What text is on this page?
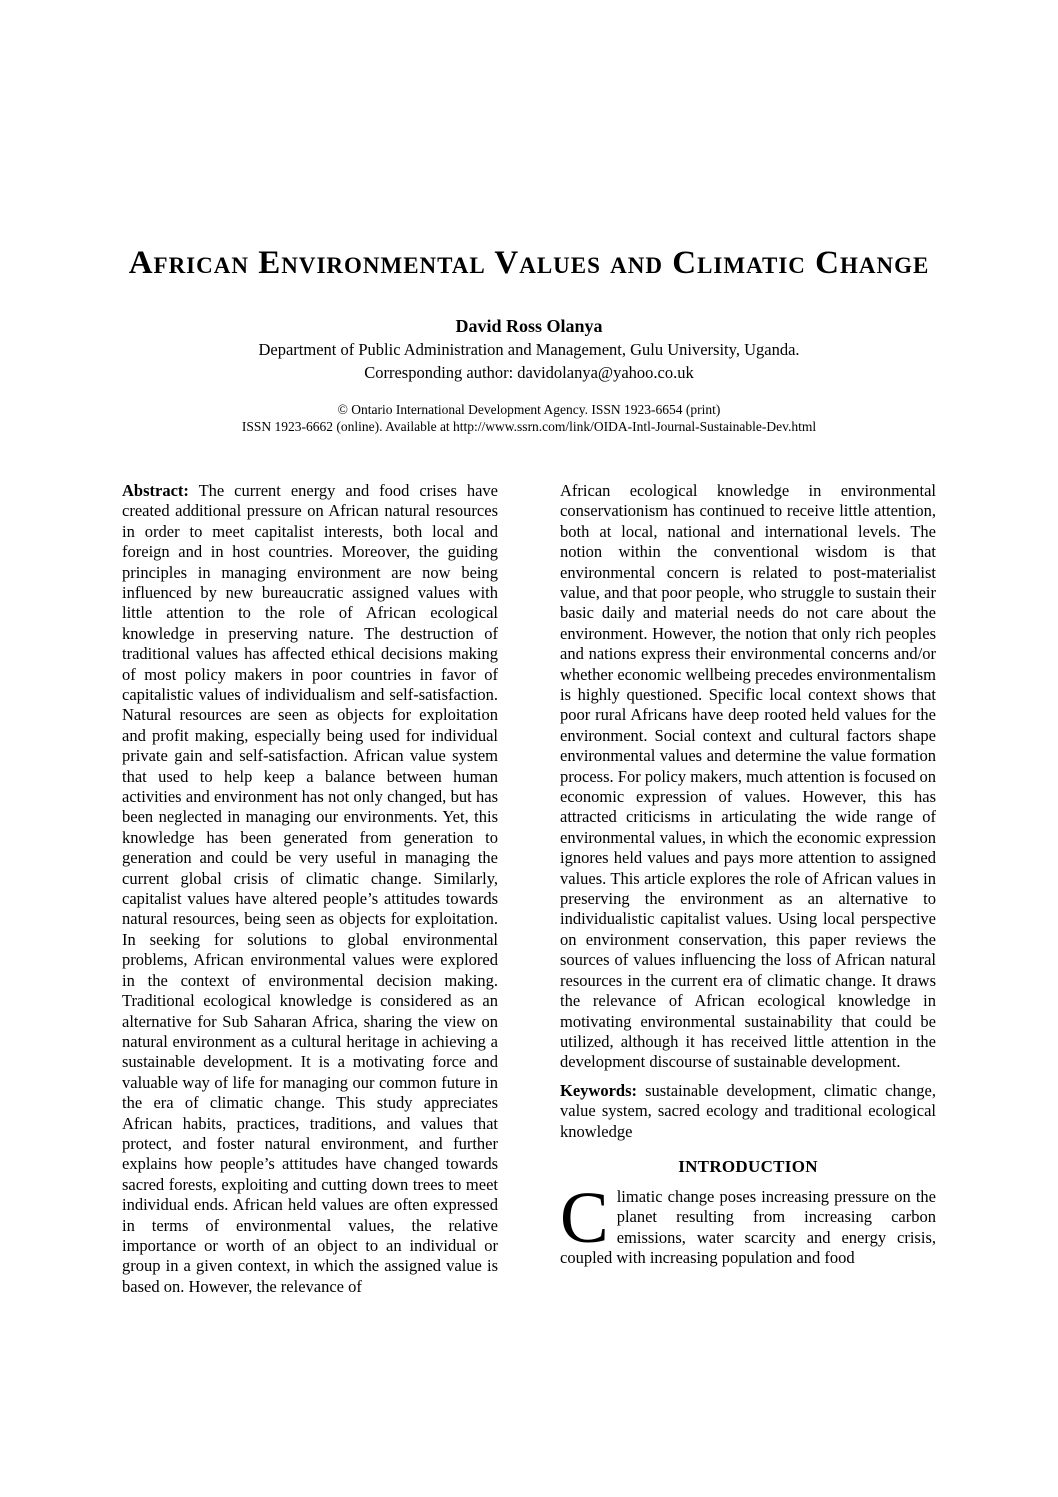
African Environmental Values and Climatic Change
David Ross Olanya
Department of Public Administration and Management, Gulu University, Uganda.
Corresponding author: davidolanya@yahoo.co.uk
© Ontario International Development Agency. ISSN 1923-6654 (print)
ISSN 1923-6662 (online). Available at http://www.ssrn.com/link/OIDA-Intl-Journal-Sustainable-Dev.html

Abstract: The current energy and food crises have created additional pressure on African natural resources in order to meet capitalist interests, both local and foreign and in host countries. Moreover, the guiding principles in managing environment are now being influenced by new bureaucratic assigned values with little attention to the role of African ecological knowledge in preserving nature. The destruction of traditional values has affected ethical decisions making of most policy makers in poor countries in favor of capitalistic values of individualism and self-satisfaction. Natural resources are seen as objects for exploitation and profit making, especially being used for individual private gain and self-satisfaction. African value system that used to help keep a balance between human activities and environment has not only changed, but has been neglected in managing our environments. Yet, this knowledge has been generated from generation to generation and could be very useful in managing the current global crisis of climatic change. Similarly, capitalist values have altered people’s attitudes towards natural resources, being seen as objects for exploitation. In seeking for solutions to global environmental problems, African environmental values were explored in the context of environmental decision making. Traditional ecological knowledge is considered as an alternative for Sub Saharan Africa, sharing the view on natural environment as a cultural heritage in achieving a sustainable development. It is a motivating force and valuable way of life for managing our common future in the era of climatic change. This study appreciates African habits, practices, traditions, and values that protect, and foster natural environment, and further explains how people’s attitudes have changed towards sacred forests, exploiting and cutting down trees to meet individual ends. African held values are often expressed in terms of environmental values, the relative importance or worth of an object to an individual or group in a given context, in which the assigned value is based on. However, the relevance of

African ecological knowledge in environmental conservationism has continued to receive little attention, both at local, national and international levels. The notion within the conventional wisdom is that environmental concern is related to post-materialist value, and that poor people, who struggle to sustain their basic daily and material needs do not care about the environment. However, the notion that only rich peoples and nations express their environmental concerns and/or whether economic wellbeing precedes environmentalism is highly questioned. Specific local context shows that poor rural Africans have deep rooted held values for the environment. Social context and cultural factors shape environmental values and determine the value formation process. For policy makers, much attention is focused on economic expression of values. However, this has attracted criticisms in articulating the wide range of environmental values, in which the economic expression ignores held values and pays more attention to assigned values. This article explores the role of African values in preserving the environment as an alternative to individualistic capitalist values. Using local perspective on environment conservation, this paper reviews the sources of values influencing the loss of African natural resources in the current era of climatic change. It draws the relevance of African ecological knowledge in motivating environmental sustainability that could be utilized, although it has received little attention in the development discourse of sustainable development.

Keywords: sustainable development, climatic change, value system, sacred ecology and traditional ecological knowledge

INTRODUCTION

Climatic change poses increasing pressure on the planet resulting from increasing carbon emissions, water scarcity and energy crisis, coupled with increasing population and food
